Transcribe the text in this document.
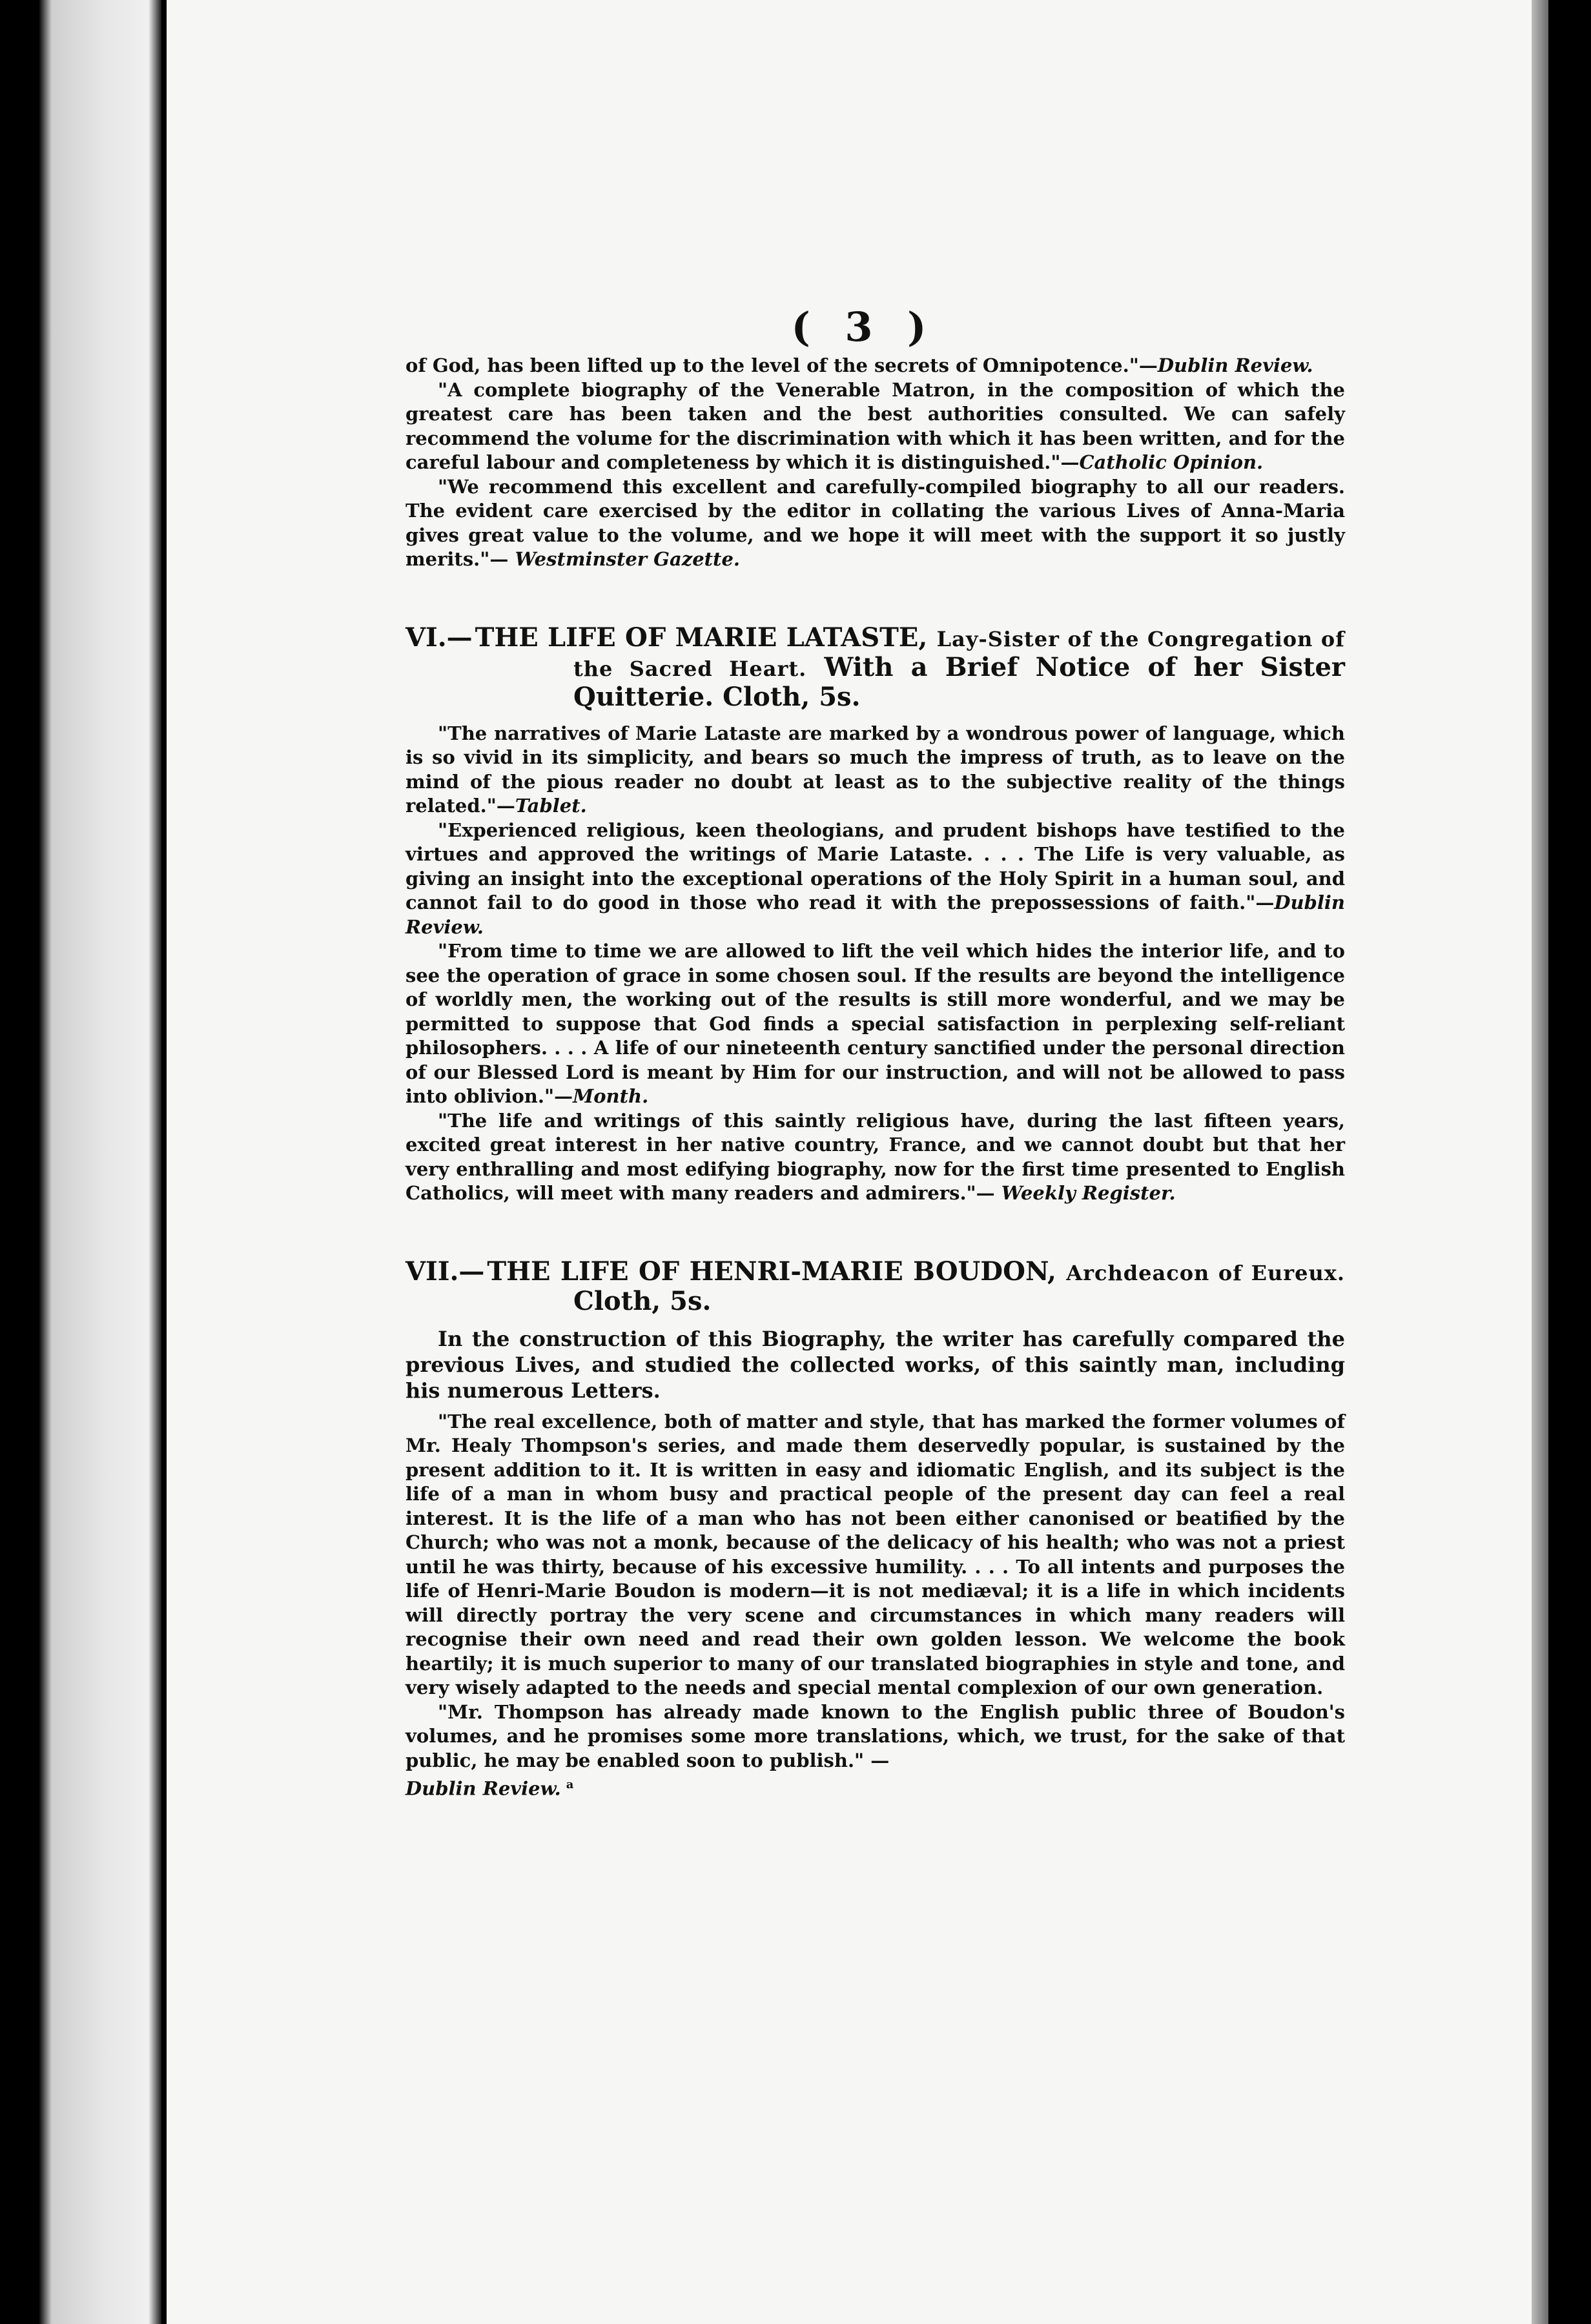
( 3 )

of God, has been lifted up to the level of the secrets of Omnipotence."—Dublin Review.

"A complete biography of the Venerable Matron, in the composition of which the greatest care has been taken and the best authorities consulted. We can safely recommend the volume for the discrimination with which it has been written, and for the careful labour and completeness by which it is distinguished."—Catholic Opinion.

"We recommend this excellent and carefully-compiled biography to all our readers. The evident care exercised by the editor in collating the various Lives of Anna-Maria gives great value to the volume, and we hope it will meet with the support it so justly merits."— Westminster Gazette.

VI.— THE LIFE OF MARIE LATASTE, Lay-Sister of the Congregation of the Sacred Heart. With a Brief Notice of her Sister Quitterie. Cloth, 5s.

"The narratives of Marie Lataste are marked by a wondrous power of language, which is so vivid in its simplicity, and bears so much the impress of truth, as to leave on the mind of the pious reader no doubt at least as to the subjective reality of the things related."—Tablet.

"Experienced religious, keen theologians, and prudent bishops have testified to the virtues and approved the writings of Marie Lataste. . . . The Life is very valuable, as giving an insight into the exceptional operations of the Holy Spirit in a human soul, and cannot fail to do good in those who read it with the prepossessions of faith."—Dublin Review.

"From time to time we are allowed to lift the veil which hides the interior life, and to see the operation of grace in some chosen soul. If the results are beyond the intelligence of worldly men, the working out of the results is still more wonderful, and we may be permitted to suppose that God finds a special satisfaction in perplexing self-reliant philosophers. . . . A life of our nineteenth century sanctified under the personal direction of our Blessed Lord is meant by Him for our instruction, and will not be allowed to pass into oblivion."—Month.

"The life and writings of this saintly religious have, during the last fifteen years, excited great interest in her native country, France, and we cannot doubt but that her very enthralling and most edifying biography, now for the first time presented to English Catholics, will meet with many readers and admirers."— Weekly Register.

VII.— THE LIFE OF HENRI-MARIE BOUDON, Archdeacon of Eureux. Cloth, 5s.

In the construction of this Biography, the writer has carefully compared the previous Lives, and studied the collected works, of this saintly man, including his numerous Letters.

"The real excellence, both of matter and style, that has marked the former volumes of Mr. Healy Thompson's series, and made them deservedly popular, is sustained by the present addition to it. It is written in easy and idiomatic English, and its subject is the life of a man in whom busy and practical people of the present day can feel a real interest. It is the life of a man who has not been either canonised or beatified by the Church; who was not a monk, because of the delicacy of his health; who was not a priest until he was thirty, because of his excessive humility. . . . To all intents and purposes the life of Henri-Marie Boudon is modern—it is not mediæval; it is a life in which incidents will directly portray the very scene and circumstances in which many readers will recognise their own need and read their own golden lesson. We welcome the book heartily; it is much superior to many of our translated biographies in style and tone, and very wisely adapted to the needs and special mental complexion of our own generation.

"Mr. Thompson has already made known to the English public three of Boudon's volumes, and he promises some more translations, which, we trust, for the sake of that public, he may be enabled soon to publish." —
Dublin Review. $^a$
